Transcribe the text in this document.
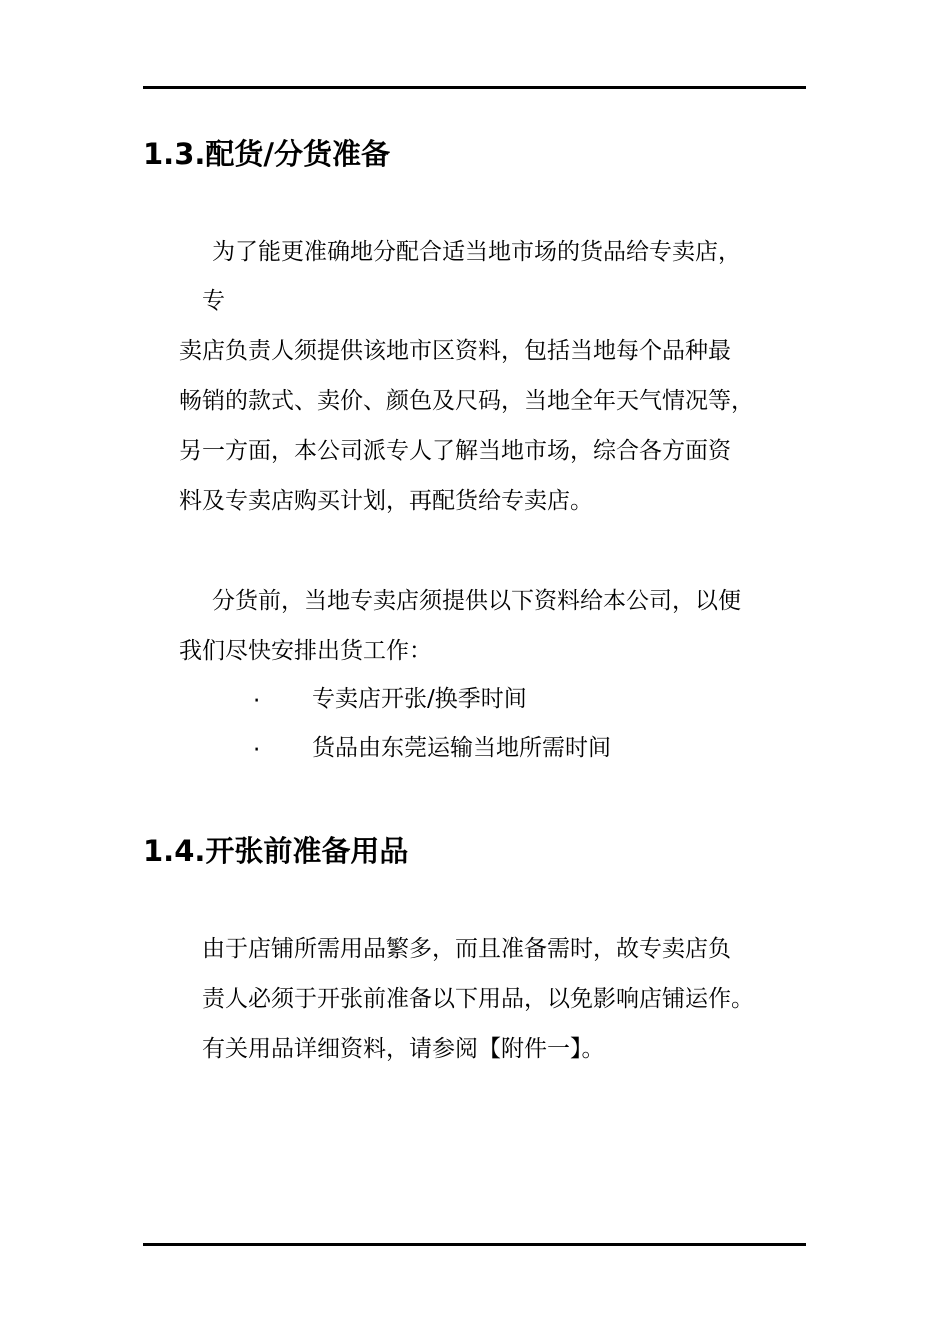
1.3.配货/分货准备
为了能更准确地分配合适当地市场的货品给专卖店，
专
卖店负责人须提供该地市区资料，包括当地每个品种最
畅销的款式、卖价、颜色及尺码，当地全年天气情况等，
另一方面，本公司派专人了解当地市场，综合各方面资
料及专卖店购买计划，再配货给专卖店。
分货前，当地专卖店须提供以下资料给本公司，以便
我们尽快安排出货工作：
· 专卖店开张/换季时间
· 货品由东莞运输当地所需时间
1.4.开张前准备用品
由于店铺所需用品繁多，而且准备需时，故专卖店负
责人必须于开张前准备以下用品，以免影响店铺运作。
有关用品详细资料，请参阅【附件一】。
